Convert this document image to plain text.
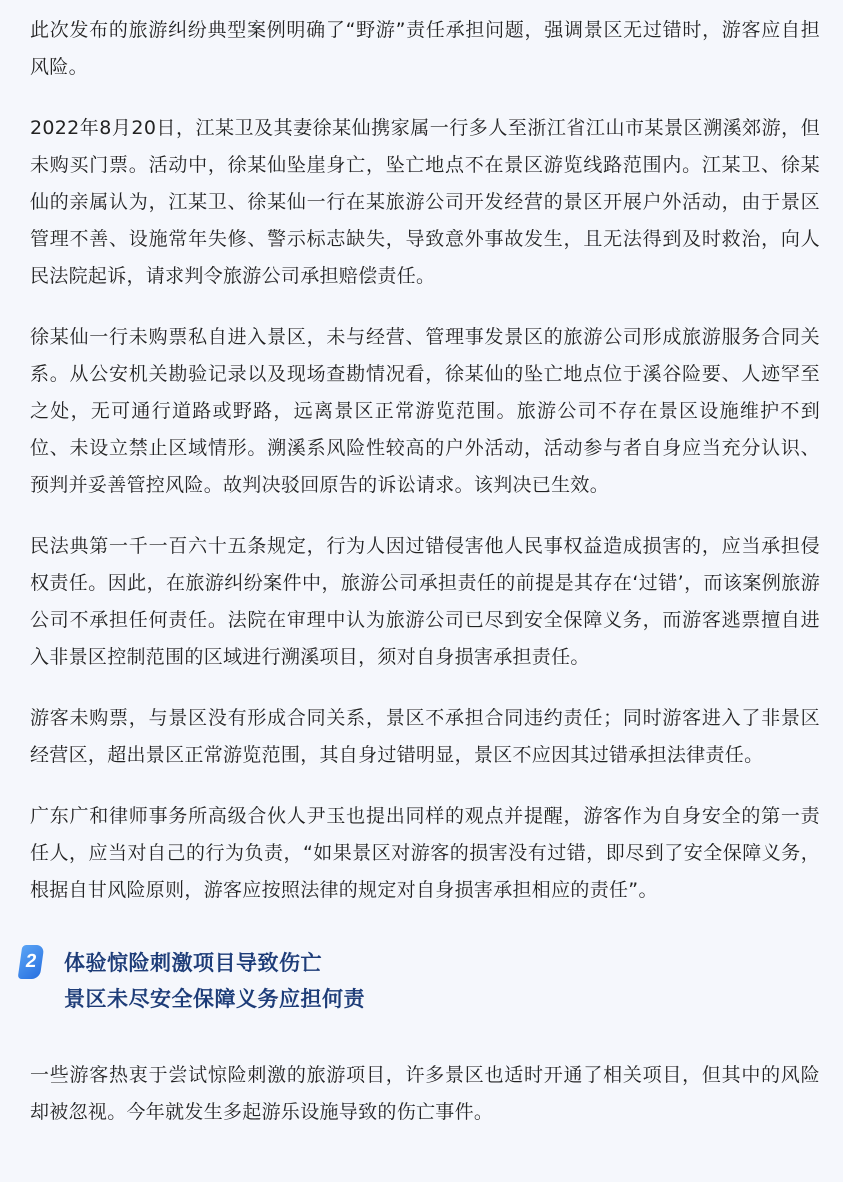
此次发布的旅游纠纷典型案例明确了“野游”责任承担问题，强调景区无过错时，游客应自担风险。

2022年8月20日，江某卫及其妻徐某仙携家属一行多人至浙江省江山市某景区溯溪郊游，但未购买门票。活动中，徐某仙坠崖身亡，坠亡地点不在景区游览线路范围内。江某卫、徐某仙的亲属认为，江某卫、徐某仙一行在某旅游公司开发经营的景区开展户外活动，由于景区管理不善、设施常年失修、警示标志缺失，导致意外事故发生，且无法得到及时救治，向人民法院起诉，请求判令旅游公司承担赔偿责任。

徐某仙一行未购票私自进入景区，未与经营、管理事发景区的旅游公司形成旅游服务合同关系。从公安机关勘验记录以及现场查勘情况看，徐某仙的坠亡地点位于溪谷险要、人迹罕至之处，无可通行道路或野路，远离景区正常游览范围。旅游公司不存在景区设施维护不到位、未设立禁止区域情形。溯溪系风险性较高的户外活动，活动参与者自身应当充分认识、预判并妥善管控风险。故判决驳回原告的诉讼请求。该判决已生效。

民法典第一千一百六十五条规定，行为人因过错侵害他人民事权益造成损害的，应当承担侵权责任。因此，在旅游纠纷案件中，旅游公司承担责任的前提是其存在‘过错’，而该案例旅游公司不承担任何责任。法院在审理中认为旅游公司已尽到安全保障义务，而游客逃票擅自进入非景区控制范围的区域进行溯溪项目，须对自身损害承担责任。

游客未购票，与景区没有形成合同关系，景区不承担合同违约责任；同时游客进入了非景区经营区，超出景区正常游览范围，其自身过错明显，景区不应因其过错承担法律责任。

广东广和律师事务所高级合伙人尹玉也提出同样的观点并提醒，游客作为自身安全的第一责任人，应当对自己的行为负责，“如果景区对游客的损害没有过错，即尽到了安全保障义务，根据自甘风险原则，游客应按照法律的规定对自身损害承担相应的责任”。

2	体验惊险刺激项目导致伤亡
景区未尽安全保障义务应担何责

一些游客热衷于尝试惊险刺激的旅游项目，许多景区也适时开通了相关项目，但其中的风险却被忽视。今年就发生多起游乐设施导致的伤亡事件。
